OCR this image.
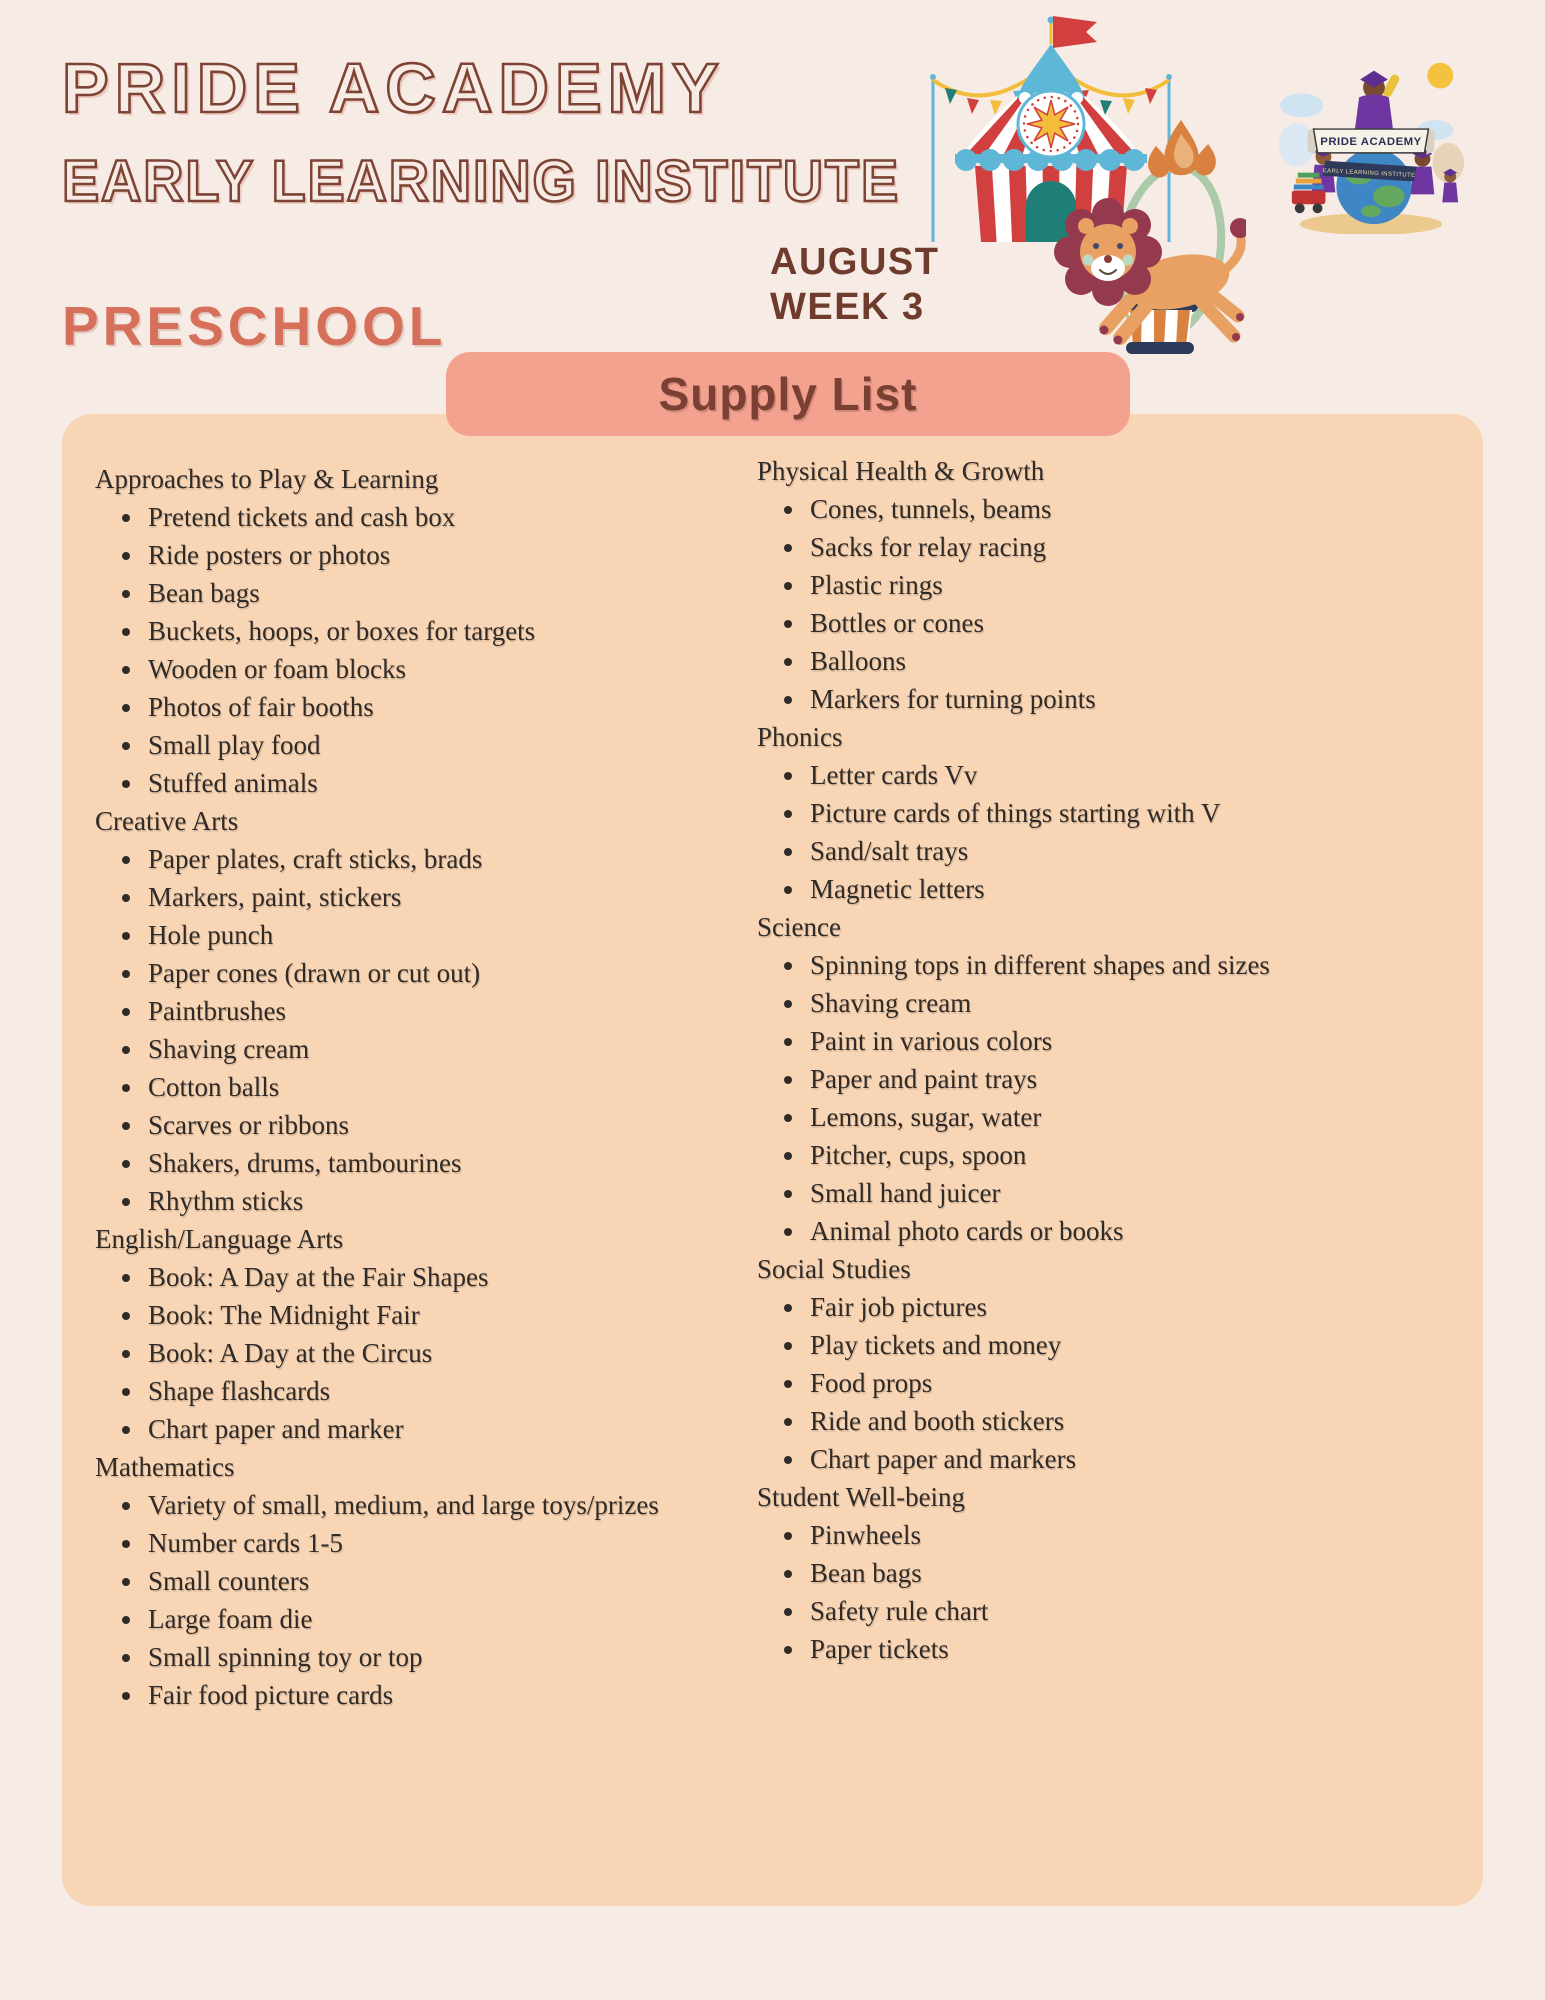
PRIDE ACADEMY
EARLY LEARNING INSTITUTE
PRESCHOOL
AUGUST
WEEK 3
PRIDE ACADEMY
EARLY LEARNING INSTITUTE
Supply List
Approaches to Play & Learning
• Pretend tickets and cash box
• Ride posters or photos
• Bean bags
• Buckets, hoops, or boxes for targets
• Wooden or foam blocks
• Photos of fair booths
• Small play food
• Stuffed animals
Creative Arts
• Paper plates, craft sticks, brads
• Markers, paint, stickers
• Hole punch
• Paper cones (drawn or cut out)
• Paintbrushes
• Shaving cream
• Cotton balls
• Scarves or ribbons
• Shakers, drums, tambourines
• Rhythm sticks
English/Language Arts
• Book: A Day at the Fair Shapes
• Book: The Midnight Fair
• Book: A Day at the Circus
• Shape flashcards
• Chart paper and marker
Mathematics
• Variety of small, medium, and large toys/prizes
• Number cards 1-5
• Small counters
• Large foam die
• Small spinning toy or top
• Fair food picture cards
Physical Health & Growth
• Cones, tunnels, beams
• Sacks for relay racing
• Plastic rings
• Bottles or cones
• Balloons
• Markers for turning points
Phonics
• Letter cards Vv
• Picture cards of things starting with V
• Sand/salt trays
• Magnetic letters
Science
• Spinning tops in different shapes and sizes
• Shaving cream
• Paint in various colors
• Paper and paint trays
• Lemons, sugar, water
• Pitcher, cups, spoon
• Small hand juicer
• Animal photo cards or books
Social Studies
• Fair job pictures
• Play tickets and money
• Food props
• Ride and booth stickers
• Chart paper and markers
Student Well-being
• Pinwheels
• Bean bags
• Safety rule chart
• Paper tickets
